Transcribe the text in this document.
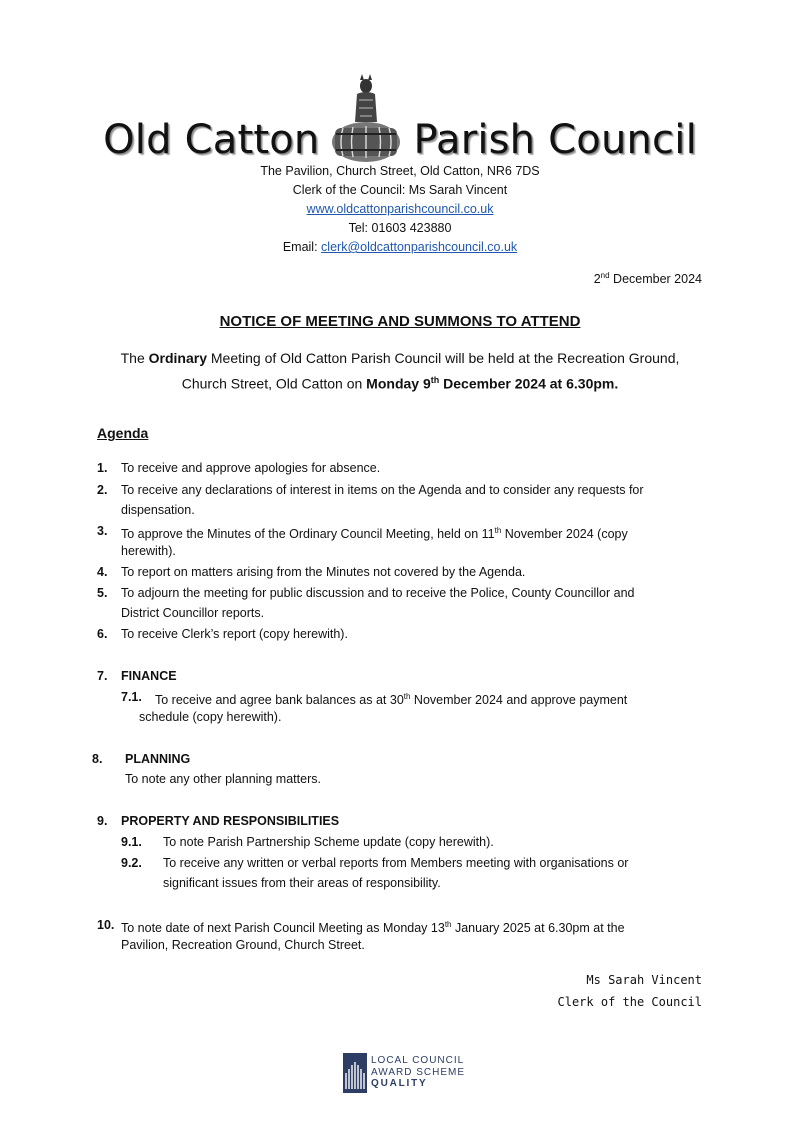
Old Catton Parish Council
The Pavilion, Church Street, Old Catton, NR6 7DS
Clerk of the Council: Ms Sarah Vincent
www.oldcattonparishcouncil.co.uk
Tel: 01603 423880
Email: clerk@oldcattonparishcouncil.co.uk
2nd December 2024
NOTICE OF MEETING AND SUMMONS TO ATTEND
The Ordinary Meeting of Old Catton Parish Council will be held at the Recreation Ground,
Church Street, Old Catton on Monday 9th December 2024 at 6.30pm.
Agenda
1. To receive and approve apologies for absence.
2. To receive any declarations of interest in items on the Agenda and to consider any requests for
dispensation.
3. To approve the Minutes of the Ordinary Council Meeting, held on 11th November 2024 (copy
herewith).
4. To report on matters arising from the Minutes not covered by the Agenda.
5. To adjourn the meeting for public discussion and to receive the Police, County Councillor and
District Councillor reports.
6. To receive Clerk’s report (copy herewith).
7. FINANCE
7.1. To receive and agree bank balances as at 30th November 2024 and approve payment
schedule (copy herewith).
8. PLANNING
To note any other planning matters.
9. PROPERTY AND RESPONSIBILITIES
9.1. To note Parish Partnership Scheme update (copy herewith).
9.2. To receive any written or verbal reports from Members meeting with organisations or
significant issues from their areas of responsibility.
10. To note date of next Parish Council Meeting as Monday 13th January 2025 at 6.30pm at the
Pavilion, Recreation Ground, Church Street.
Ms Sarah Vincent
Clerk of the Council
LOCAL COUNCIL
AWARD SCHEME
QUALITY
